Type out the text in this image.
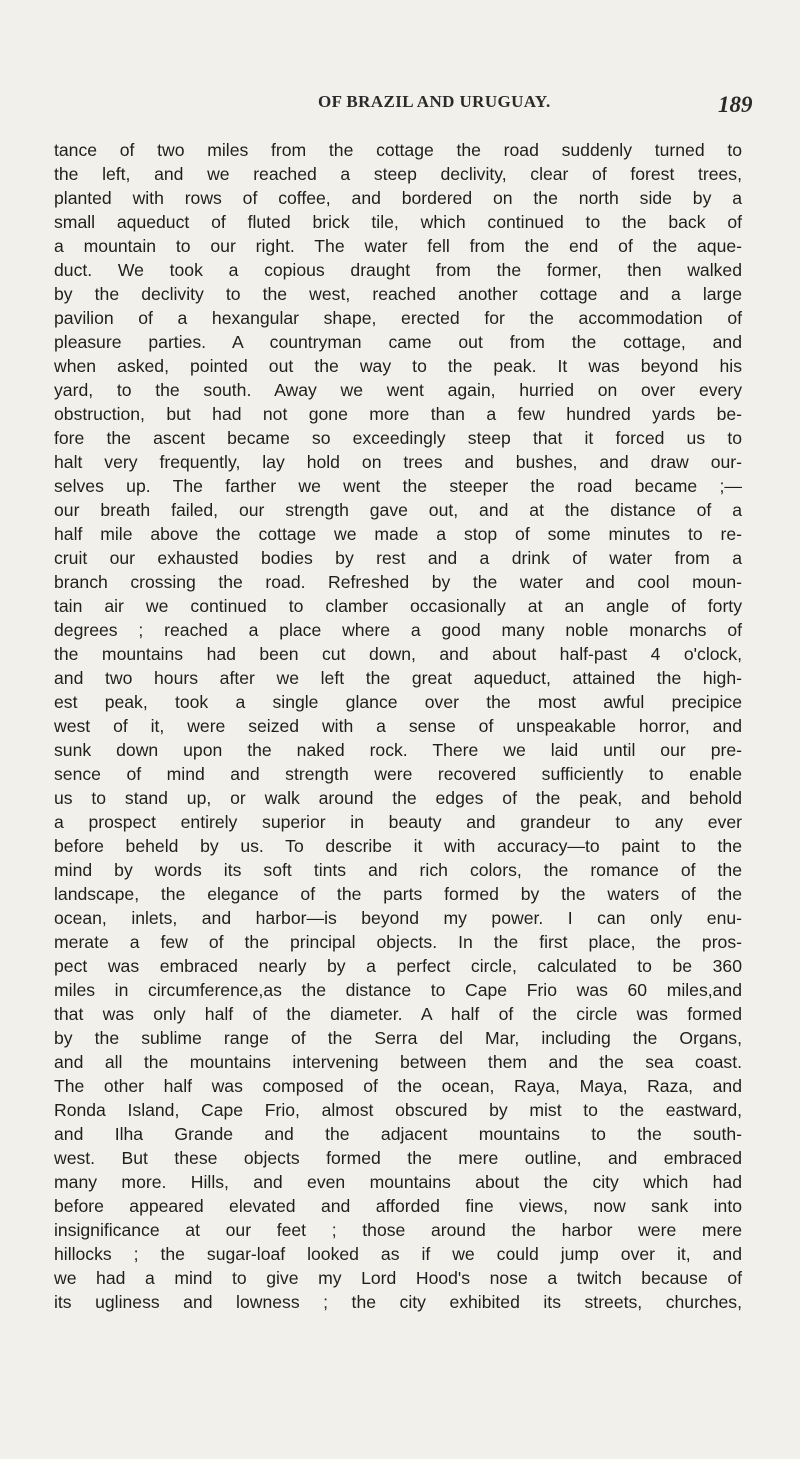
OF BRAZIL AND URUGUAY.	189
tance of two miles from the cottage the road suddenly turned to
the left, and we reached a steep declivity, clear of forest trees,
planted with rows of coffee, and bordered on the north side by a
small aqueduct of fluted brick tile, which continued to the back of
a mountain to our right. The water fell from the end of the aque-
duct. We took a copious draught from the former, then walked
by the declivity to the west, reached another cottage and a large
pavilion of a hexangular shape, erected for the accommodation of
pleasure parties. A countryman came out from the cottage, and
when asked, pointed out the way to the peak. It was beyond his
yard, to the south. Away we went again, hurried on over every
obstruction, but had not gone more than a few hundred yards be-
fore the ascent became so exceedingly steep that it forced us to
halt very frequently, lay hold on trees and bushes, and draw our-
selves up. The farther we went the steeper the road became ;—
our breath failed, our strength gave out, and at the distance of a
half mile above the cottage we made a stop of some minutes to re-
cruit our exhausted bodies by rest and a drink of water from a
branch crossing the road. Refreshed by the water and cool moun-
tain air we continued to clamber occasionally at an angle of forty
degrees ; reached a place where a good many noble monarchs of
the mountains had been cut down, and about half-past 4 o'clock,
and two hours after we left the great aqueduct, attained the high-
est peak, took a single glance over the most awful precipice
west of it, were seized with a sense of unspeakable horror, and
sunk down upon the naked rock. There we laid until our pre-
sence of mind and strength were recovered sufficiently to enable
us to stand up, or walk around the edges of the peak, and behold
a prospect entirely superior in beauty and grandeur to any ever
before beheld by us. To describe it with accuracy—to paint to the
mind by words its soft tints and rich colors, the romance of the
landscape, the elegance of the parts formed by the waters of the
ocean, inlets, and harbor—is beyond my power. I can only enu-
merate a few of the principal objects. In the first place, the pros-
pect was embraced nearly by a perfect circle, calculated to be 360
miles in circumference,as the distance to Cape Frio was 60 miles,and
that was only half of the diameter. A half of the circle was formed
by the sublime range of the Serra del Mar, including the Organs,
and all the mountains intervening between them and the sea coast.
The other half was composed of the ocean, Raya, Maya, Raza, and
Ronda Island, Cape Frio, almost obscured by mist to the eastward,
and Ilha Grande and the adjacent mountains to the south-
west. But these objects formed the mere outline, and embraced
many more. Hills, and even mountains about the city which had
before appeared elevated and afforded fine views, now sank into
insignificance at our feet ; those around the harbor were mere
hillocks ; the sugar-loaf looked as if we could jump over it, and
we had a mind to give my Lord Hood's nose a twitch because of
its ugliness and lowness ; the city exhibited its streets, churches,
